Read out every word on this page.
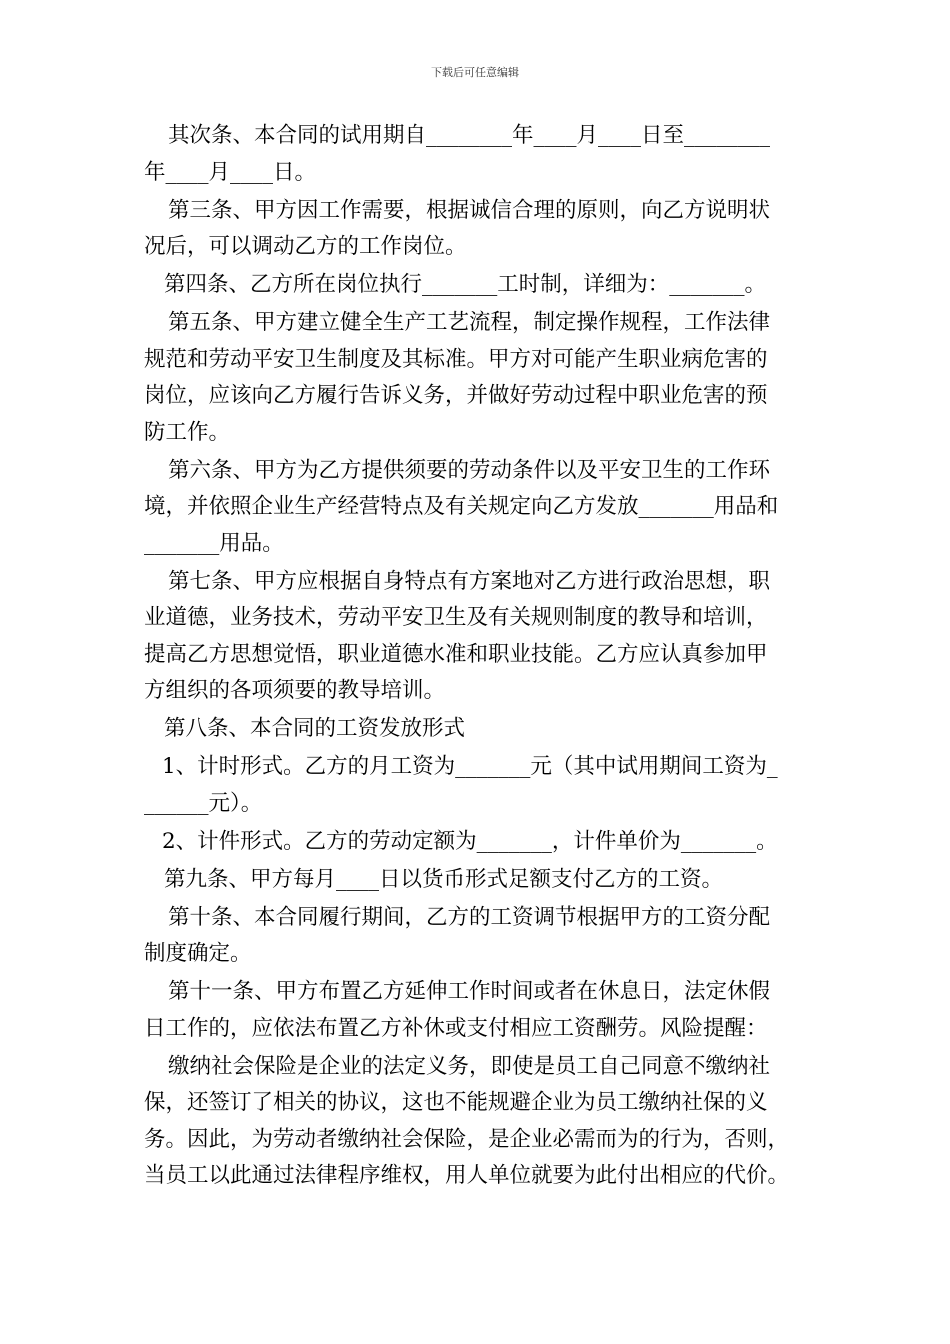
下载后可任意编辑

其次条、本合同的试用期自________年____月____日至________
年____月____日。

第三条、甲方因工作需要，根据诚信合理的原则，向乙方说明状
况后，可以调动乙方的工作岗位。

第四条、乙方所在岗位执行_______工时制，详细为：_______。

第五条、甲方建立健全生产工艺流程，制定操作规程，工作法律
规范和劳动平安卫生制度及其标准。甲方对可能产生职业病危害的
岗位，应该向乙方履行告诉义务，并做好劳动过程中职业危害的预
防工作。

第六条、甲方为乙方提供须要的劳动条件以及平安卫生的工作环
境，并依照企业生产经营特点及有关规定向乙方发放_______用品和
_______用品。

第七条、甲方应根据自身特点有方案地对乙方进行政治思想，职
业道德，业务技术，劳动平安卫生及有关规则制度的教导和培训，
提高乙方思想觉悟，职业道德水准和职业技能。乙方应认真参加甲
方组织的各项须要的教导培训。

第八条、本合同的工资发放形式

1、计时形式。乙方的月工资为_______元（其中试用期间工资为_
______元）。

2、计件形式。乙方的劳动定额为_______，计件单价为_______。

第九条、甲方每月____日以货币形式足额支付乙方的工资。

第十条、本合同履行期间，乙方的工资调节根据甲方的工资分配
制度确定。

第十一条、甲方布置乙方延伸工作时间或者在休息日，法定休假
日工作的，应依法布置乙方补休或支付相应工资酬劳。风险提醒：

缴纳社会保险是企业的法定义务，即使是员工自己同意不缴纳社
保，还签订了相关的协议，这也不能规避企业为员工缴纳社保的义
务。因此，为劳动者缴纳社会保险，是企业必需而为的行为，否则，
当员工以此通过法律程序维权，用人单位就要为此付出相应的代价。
